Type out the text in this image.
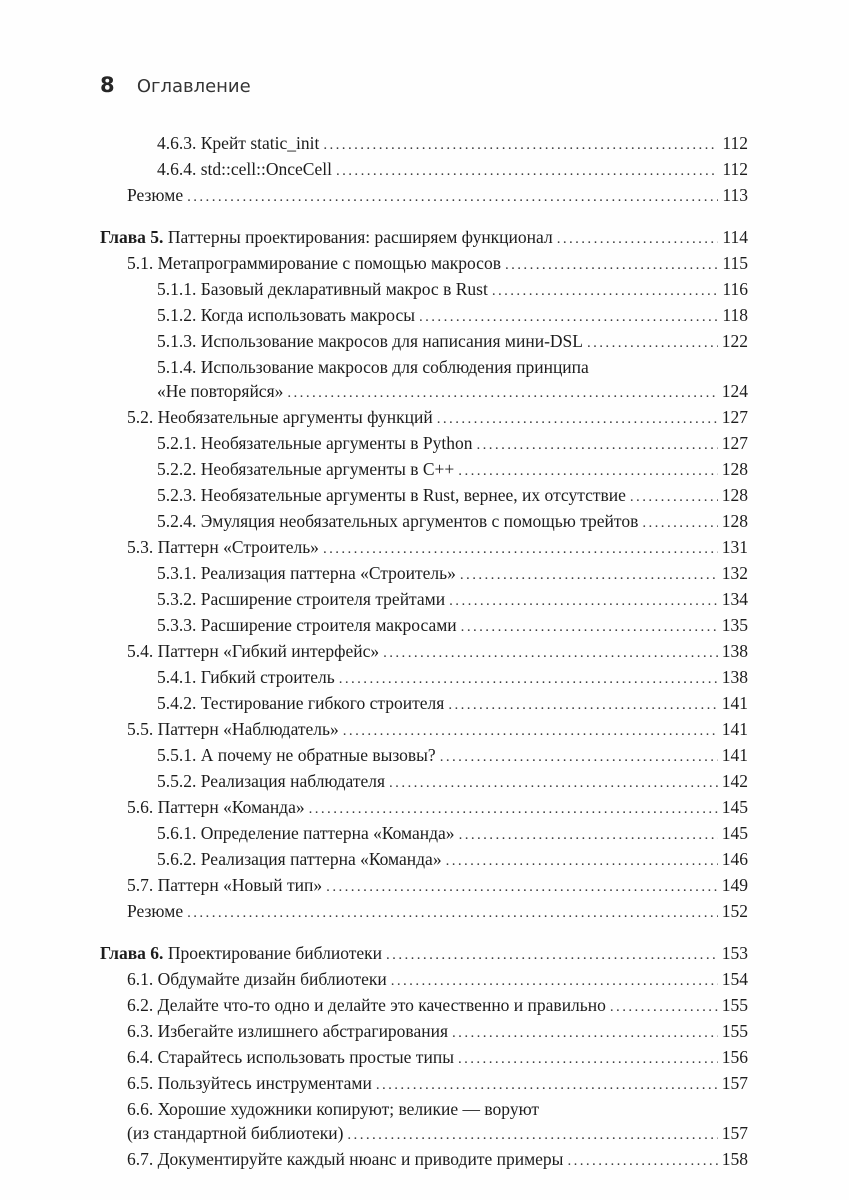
8 Оглавление
4.6.3. Крейт static_init .....	112
4.6.4. std::cell::OnceCell .....	112
Резюме .....	113
Глава 5. Паттерны проектирования: расширяем функционал .....	114
5.1. Метапрограммирование с помощью макросов .....	115
5.1.1. Базовый декларативный макрос в Rust .....	116
5.1.2. Когда использовать макросы .....	118
5.1.3. Использование макросов для написания мини-DSL .....	122
5.1.4. Использование макросов для соблюдения принципа
«Не повторяйся» .....	124
5.2. Необязательные аргументы функций .....	127
5.2.1. Необязательные аргументы в Python .....	127
5.2.2. Необязательные аргументы в C++ .....	128
5.2.3. Необязательные аргументы в Rust, вернее, их отсутствие .....	128
5.2.4. Эмуляция необязательных аргументов с помощью трейтов .....	128
5.3. Паттерн «Строитель» .....	131
5.3.1. Реализация паттерна «Строитель» .....	132
5.3.2. Расширение строителя трейтами .....	134
5.3.3. Расширение строителя макросами .....	135
5.4. Паттерн «Гибкий интерфейс» .....	138
5.4.1. Гибкий строитель .....	138
5.4.2. Тестирование гибкого строителя .....	141
5.5. Паттерн «Наблюдатель» .....	141
5.5.1. А почему не обратные вызовы? .....	141
5.5.2. Реализация наблюдателя .....	142
5.6. Паттерн «Команда» .....	145
5.6.1. Определение паттерна «Команда» .....	145
5.6.2. Реализация паттерна «Команда» .....	146
5.7. Паттерн «Новый тип» .....	149
Резюме .....	152
Глава 6. Проектирование библиотеки .....	153
6.1. Обдумайте дизайн библиотеки .....	154
6.2. Делайте что-то одно и делайте это качественно и правильно .....	155
6.3. Избегайте излишнего абстрагирования .....	155
6.4. Старайтесь использовать простые типы .....	156
6.5. Пользуйтесь инструментами .....	157
6.6. Хорошие художники копируют; великие — воруют
(из стандартной библиотеки) .....	157
6.7. Документируйте каждый нюанс и приводите примеры .....	158
